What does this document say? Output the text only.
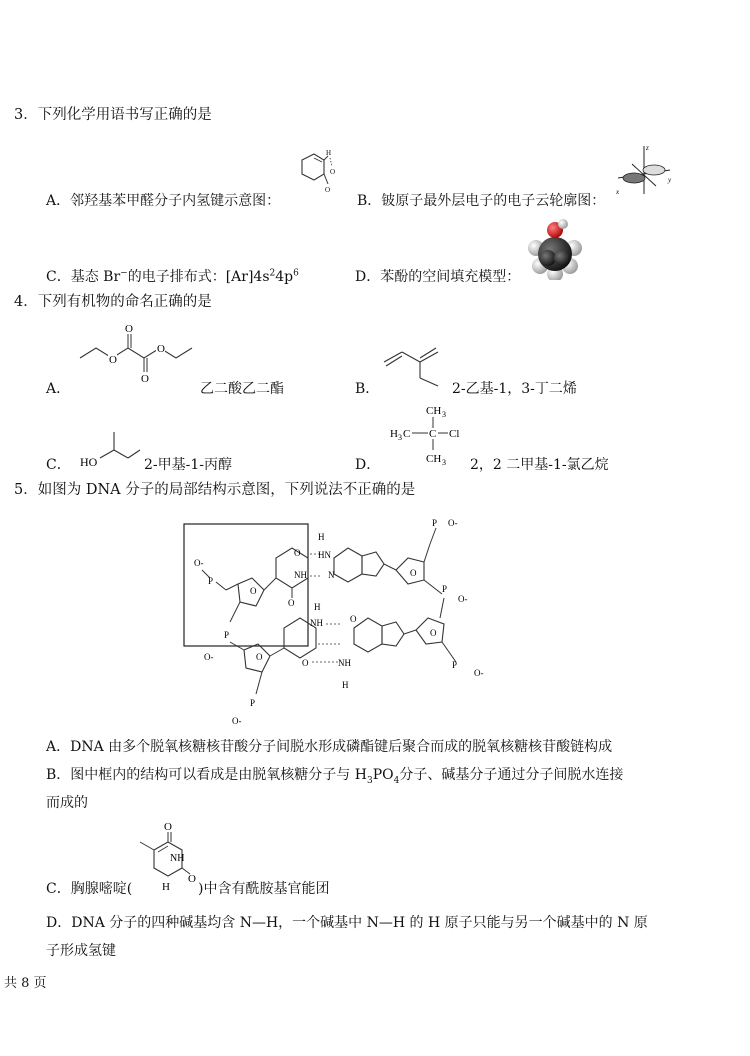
3．下列化学用语书写正确的是
A．邻羟基苯甲醛分子内氢键示意图：
H
O
O
B．铍原子最外层电子的电子云轮廓图：
z
y
x
C．基态 Br−的电子排布式：$[Ar]4s^24p^6$	D．苯酚的空间填充模型：
4．下列有机物的命名正确的是
A．
O
O
O
O
乙二酸乙二酯	B．	2-乙基-1，3-丁二烯
C． HO	2-甲基-1-丙醇	D．
CH 3
H 3 C C Cl
CH 3 2，2 二甲基-1-氯乙烷
5．如图为 DNA 分子的局部结构示意图，下列说法不正确的是
O-
P
O
O
NH
O
H
HN
N	O
P O-
P
O-
P
O-	O
NH
H
O	NH
H
O
O
P
O-
P
O-
A．DNA 由多个脱氧核糖核苷酸分子间脱水形成磷酯键后聚合而成的脱氧核糖核苷酸链构成
B．图中框内的结构可以看成是由脱氧核糖分子与 $H_3PO_4$分子、碱基分子通过分子间脱水连接
而成的
C．胸腺嘧啶(
O
NH
O
H )中含有酰胺基官能团
D．DNA 分子的四种碱基均含 N—H，一个碱基中 N—H 的 H 原子只能与另一个碱基中的 N 原
子形成氢键
共 8 页
